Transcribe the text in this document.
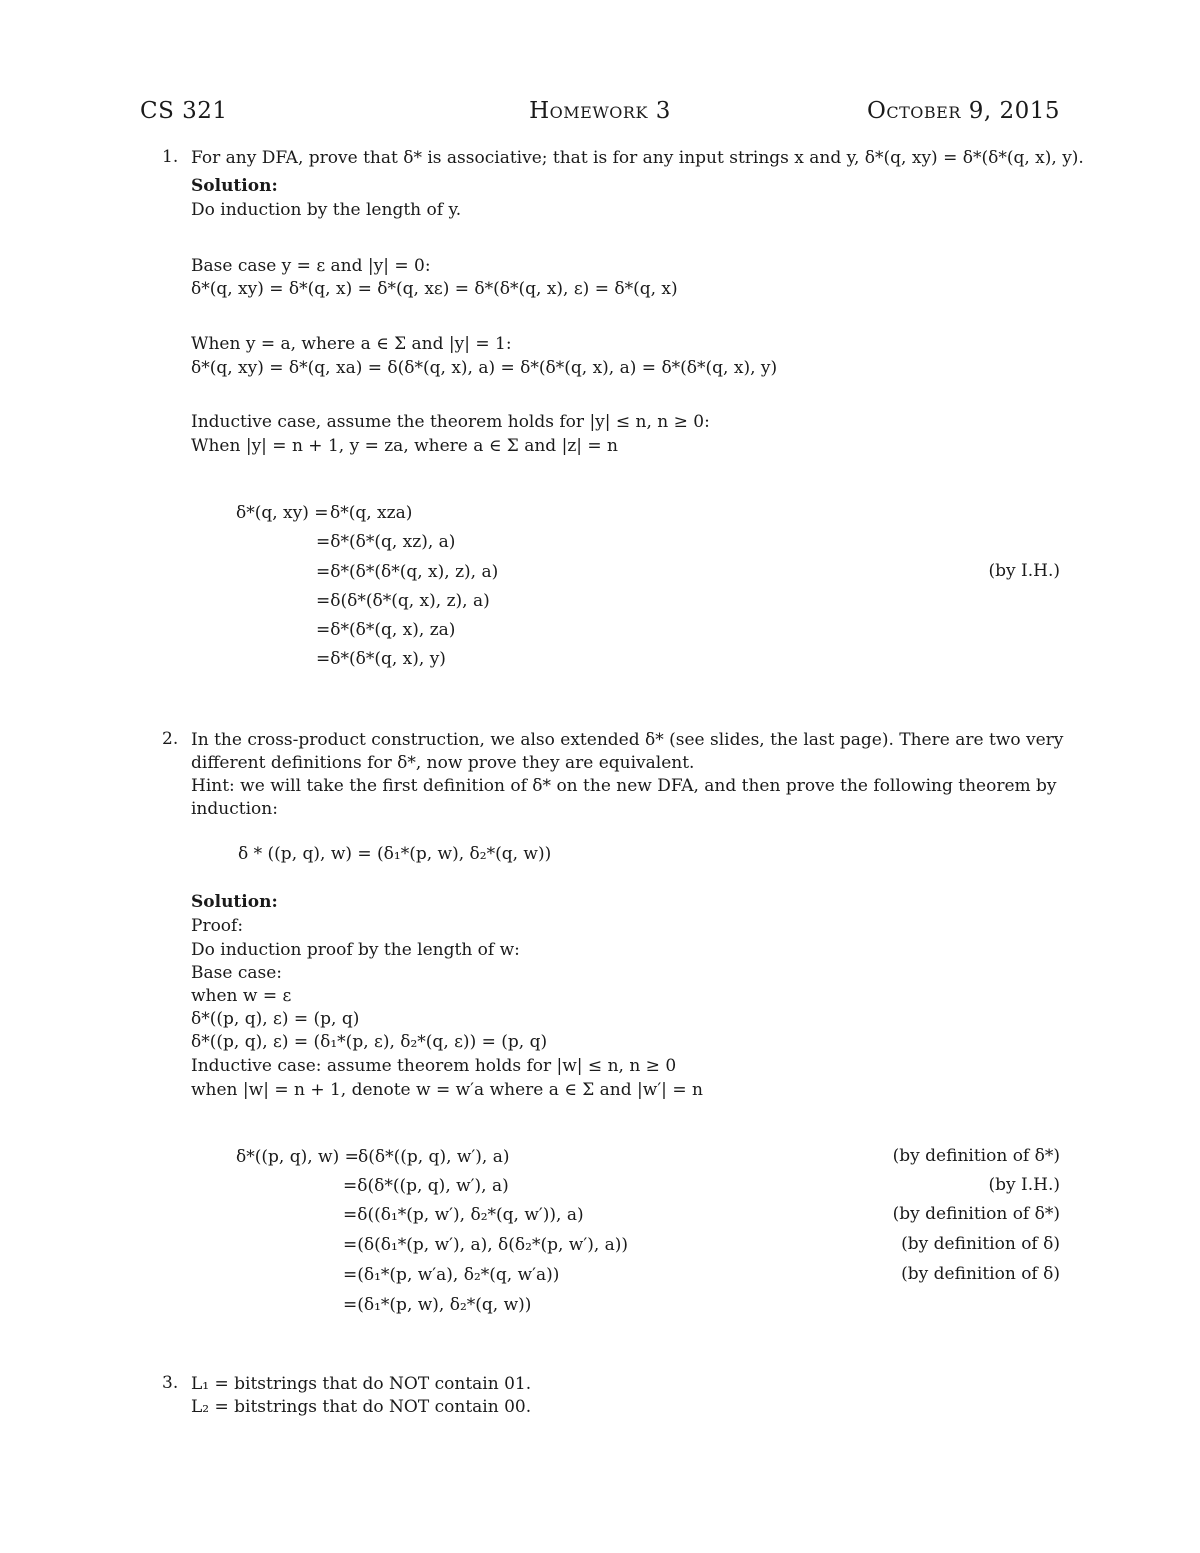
CS 321	Homework 3	October 9, 2015
1. For any DFA, prove that δ* is associative; that is for any input strings x and y, δ*(q, xy) = δ*(δ*(q, x), y).
Solution:
Do induction by the length of y.
Base case y = ε and |y| = 0:
δ*(q, xy) = δ*(q, x) = δ*(q, xε) = δ*(δ*(q, x), ε) = δ*(q, x)
When y = a, where a ∈ Σ and |y| = 1:
δ*(q, xy) = δ*(q, xa) = δ(δ*(q, x), a) = δ*(δ*(q, x), a) = δ*(δ*(q, x), y)
Inductive case, assume the theorem holds for |y| ≤ n, n ≥ 0:
When |y| = n + 1, y = za, where a ∈ Σ and |z| = n
δ*(q, xy) = δ*(q, xza)
=δ*(δ*(q, xz), a)
=δ*(δ*(δ*(q, x), z), a)	(by I.H.)
=δ(δ*(δ*(q, x), z), a)
=δ*(δ*(q, x), za)
=δ*(δ*(q, x), y)
2. In the cross-product construction, we also extended δ* (see slides, the last page). There are two very
different definitions for δ*, now prove they are equivalent.
Hint: we will take the first definition of δ* on the new DFA, and then prove the following theorem by
induction:
δ * ((p, q), w) = (δ₁*(p, w), δ₂*(q, w))
Solution:
Proof:
Do induction proof by the length of w:
Base case:
when w = ε
δ*((p, q), ε) = (p, q)
δ*((p, q), ε) = (δ₁*(p, ε), δ₂*(q, ε)) = (p, q)
Inductive case: assume theorem holds for |w| ≤ n, n ≥ 0
when |w| = n + 1, denote w = w′a where a ∈ Σ and |w′| = n
δ*((p, q), w) = δ(δ*((p, q), w′), a)	(by definition of δ*)
=δ(δ*((p, q), w′), a)	(by I.H.)
=δ((δ₁*(p, w′), δ₂*(q, w′)), a)	(by definition of δ*)
=(δ(δ₁*(p, w′), a), δ(δ₂*(p, w′), a))	(by definition of δ)
=(δ₁*(p, w′a), δ₂*(q, w′a))	(by definition of δ)
=(δ₁*(p, w), δ₂*(q, w))
3. L₁ = bitstrings that do NOT contain 01.
L₂ = bitstrings that do NOT contain 00.
